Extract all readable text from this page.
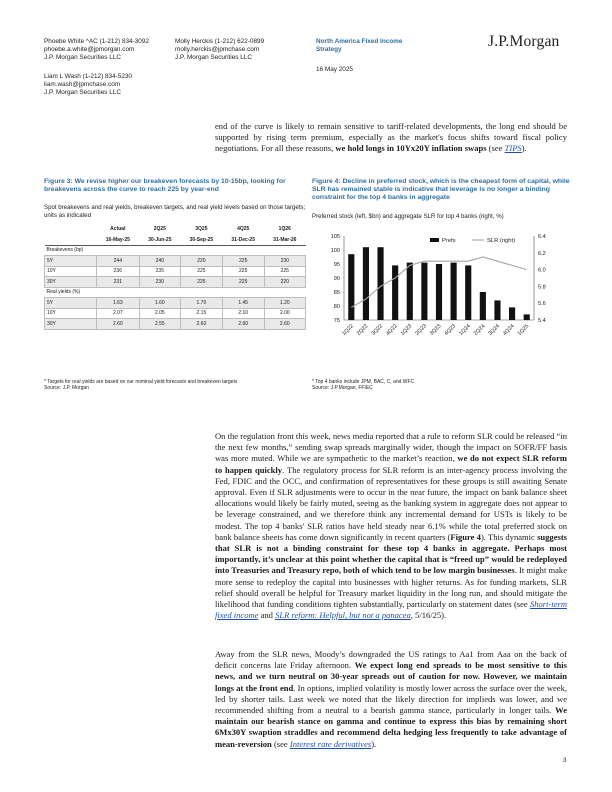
Phoebe White ^AC (1-212) 834-3092
phoebe.a.white@jpmorgan.com
J.P. Morgan Securities LLC
Liam L Wash (1-212) 834-5230
liam.wash@jpmchase.com
J.P. Morgan Securities LLC
Molly Herckis (1-212) 622-0899
molly.herckis@jpmchase.com
J.P. Morgan Securities LLC
North America Fixed Income Strategy
16 May 2025
J.P.Morgan

end of the curve is likely to remain sensitive to tariff-related developments, the long end should be supported by rising term premium, especially as the market's focus shifts toward fiscal policy negotiations. For all these reasons, we hold longs in 10Yx20Y inflation swaps (see TIPS).

Figure 3: We revise higher our breakeven forecasts by 10-15bp, looking for breakevens across the curve to reach 225 by year-end
Spot breakevens and real yields, breakeven targets, and real yield levels based on those targets; units as indicated
	Actual	2Q25	3Q25	4Q25	1Q26
	16-May-25	30-Jun-25	30-Sep-25	31-Dec-25	31-Mar-26
Breakevens (bp)					
5Y	244	240	220	225	230
10Y	236	235	225	225	225
30Y	231	230	225	225	220
Real yields (%)					
5Y	1.63	1.60	1.70	1.45	1.20
10Y	2.07	2.05	2.15	2.10	2.00
30Y	2.60	2.55	2.60	2.60	2.60
* Targets for real yields are based on our nominal yield forecasts and breakeven targets
Source: J.P. Morgan
Figure 4: Decline in preferred stock, which is the cheapest form of capital, while SLR has remained stable is indicative that leverage is no longer a binding constraint for the top 4 banks in aggregate
Preferred stock (left, $bn) and aggregate SLR for top 4 banks (right, %)
75
80
85
90
95
100
105
5.4
5.6
5.8
6.0
6.2
6.4
1Q22 2Q22 3Q22 4Q22 1Q23 2Q23 3Q23 4Q23 1Q24 2Q24 3Q24 4Q24 1Q25
Prefs	SLR (right)
* Top 4 banks include JPM, BAC, C, and WFC
Source: J.P.Morgan, FFIEC

On the regulation front this week, news media reported that a rule to reform SLR could be released “in the next few months,” sending swap spreads marginally wider, though the impact on SOFR/FF basis was more muted. While we are sympathetic to the market’s reaction, we do not expect SLR reform to happen quickly. The regulatory process for SLR reform is an inter-agency process involving the Fed, FDIC and the OCC, and confirmation of representatives for these groups is still awaiting Senate approval. Even if SLR adjustments were to occur in the near future, the impact on bank balance sheet allocations would likely be fairly muted, seeing as the banking system in aggregate does not appear to be leverage constrained, and we therefore think any incremental demand for USTs is likely to be modest. The top 4 banks' SLR ratios have held steady near 6.1% while the total preferred stock on bank balance sheets has come down significantly in recent quarters (Figure 4). This dynamic suggests that SLR is not a binding constraint for these top 4 banks in aggregate. Perhaps most importantly, it’s unclear at this point whether the capital that is “freed up” would be redeployed into Treasuries and Treasury repo, both of which tend to be low margin businesses. It might make more sense to redeploy the capital into businesses with higher returns. As for funding markets, SLR relief should overall be helpful for Treasury market liquidity in the long run, and should mitigate the likelihood that funding conditions tighten substantially, particularly on statement dates (see Short-term fixed income and SLR reform: Helpful, but not a panacea, 5/16/25).

Away from the SLR news, Moody’s downgraded the US ratings to Aa1 from Aaa on the back of deficit concerns late Friday afternoon. We expect long end spreads to be most sensitive to this news, and we turn neutral on 30-year spreads out of caution for now. However, we maintain longs at the front end. In options, implied volatility is mostly lower across the surface over the week, led by shorter tails. Last week we noted that the likely direction for implieds was lower, and we recommended shifting from a neutral to a bearish gamma stance, particularly in longer tails. We maintain our bearish stance on gamma and continue to express this bias by remaining short 6Mx30Y swaption straddles and recommend delta hedging less frequently to take advantage of mean-reversion (see Interest rate derivatives).

3
